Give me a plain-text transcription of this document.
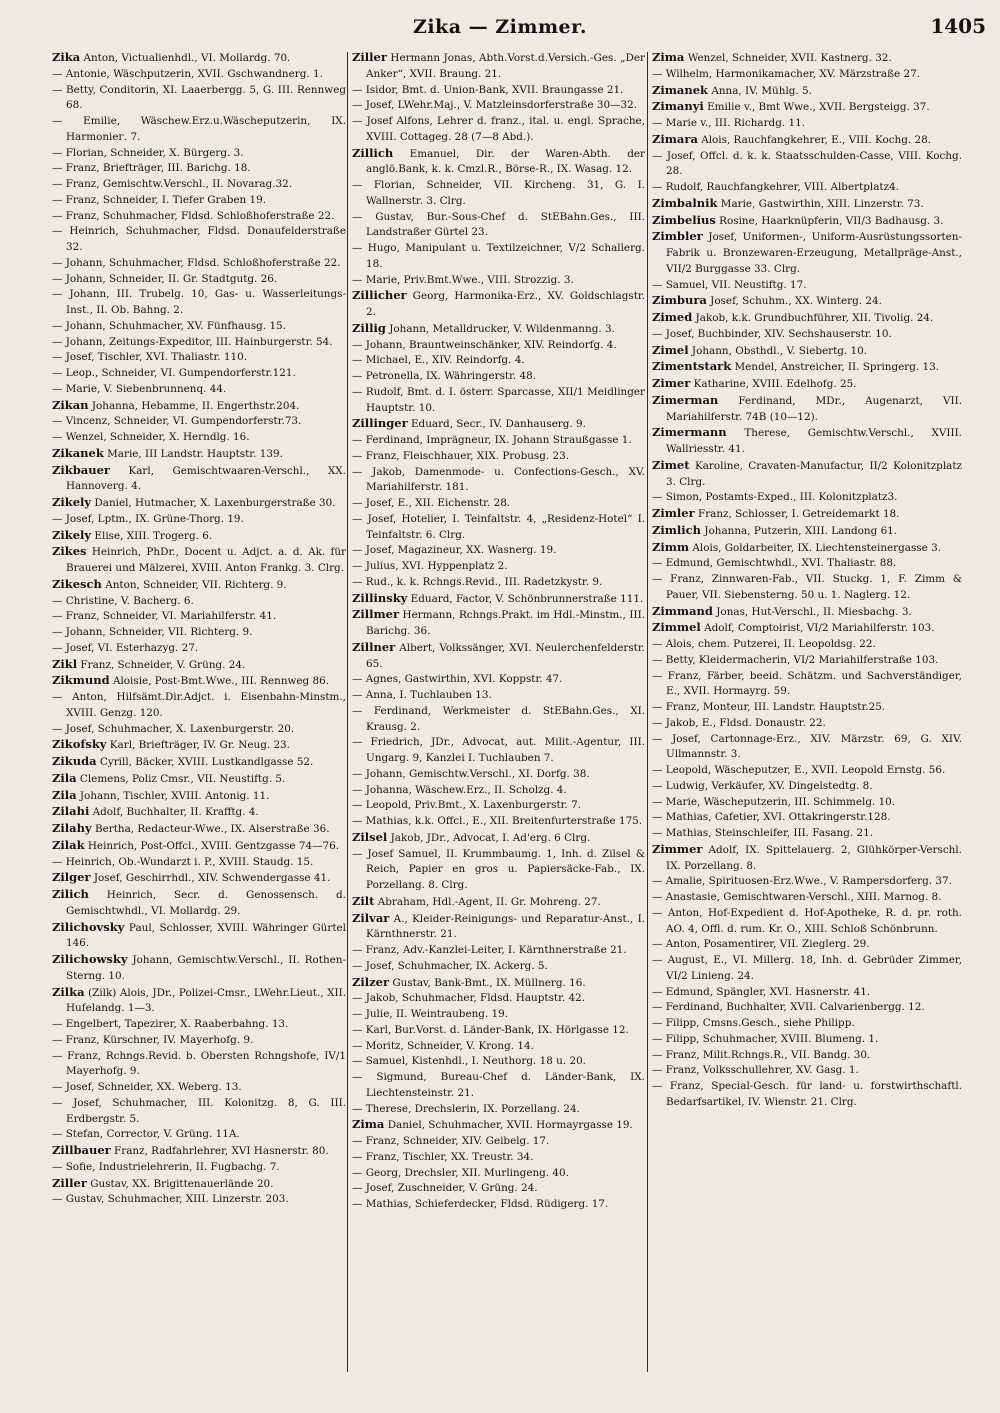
Zika — Zimmer.	1405
Zika Anton, Victualienhdl., VI. Mollardg. 70.
— Antonie, Wäschputzerin, XVII. Gschwandnerg. 1.
— Betty, Conditorin, XI. Laaerbergg. 5, G. III. Rennweg 68.
— Emilie, Wäschew.Erz.u.Wäscheputzerin, IX. Harmoniег. 7.
— Florian, Schneider, X. Bürgerg. 3.
— Franz, Briefträger, III. Barichg. 18.
— Franz, Gemischtw.Verschl., II. Novarag.32.
— Franz, Schneider, I. Tiefer Graben 19.
— Franz, Schuhmacher, Fldsd. Schloßhoferstraße 22.
— Heinrich, Schuhmacher, Fldsd. Donaufelderstraße 32.
— Johann, Schuhmacher, Fldsd. Schloßhoferstraße 22.
— Johann, Schneider, II. Gr. Stadtgutg. 26.
— Johann, III. Trubelg. 10, Gas- u. Wasserleitungs-Inst., II. Ob. Bahng. 2.
— Johann, Schuhmacher, XV. Fünfhausg. 15.
— Johann, Zeitungs-Expeditor, III. Hainburgerstr. 54.
— Josef, Tischler, XVI. Thaliastr. 110.
— Leop., Schneider, VI. Gumpendorferstr.121.
— Marie, V. Siebenbrunnenq. 44.
Zikan Johanna, Hebamme, II. Engerthstr.204.
— Vincenz, Schneider, VI. Gumpendorferstr.73.
— Wenzel, Schneider, X. Herndlg. 16.
Zikanek Marie, III Landstr. Hauptstr. 139.
Zikbauer Karl, Gemischtwaaren-Verschl., XX. Hannoverg. 4.
Zikely Daniel, Hutmacher, X. Laxenburgerstraße 30.
— Josef, Lptm., IX. Grüne-Thorg. 19.
Zikely Elise, XIII. Trogerg. 6.
Zikes Heinrich, PhDr., Docent u. Adjct. a. d. Ak. für Brauerei und Mälzerei, XVIII. Anton Frankg. 3. Clrg.
Zikesch Anton, Schneider, VII. Richterg. 9.
— Christine, V. Bacherg. 6.
— Franz, Schneider, VI. Mariahilferstr. 41.
— Johann, Schneider, VII. Richterg. 9.
— Josef, VI. Esterhazyg. 27.
Zikl Franz, Schneider, V. Grüng. 24.
Zikmund Aloisie, Post-Bmt.Wwe., III. Rennweg 86.
— Anton, Hilfsämt.Dir.Adjct. i. Eisenbahn-Minstm., XVIII. Genzg. 120.
— Josef, Schuhmacher, X. Laxenburgerstr. 20.
Zikofsky Karl, Briefträger, IV. Gr. Neug. 23.
Zikuda Cyrill, Bäcker, XVIII. Lustkandlgasse 52.
Zila Clemens, Poliz Cmsr., VII. Neustiftg. 5.
Zila Johann, Tischler, XVIII. Antonig. 11.
Zilahi Adolf, Buchhalter, II. Krafftg. 4.
Zilahy Bertha, Redacteur-Wwe., IX. Alserstraße 36.
Zilak Heinrich, Post-Offcl., XVIII. Gentzgasse 74—76.
— Heinrich, Ob.-Wundarzt i. P., XVIII. Staudg. 15.
Zilger Josef, Geschirrhdl., XIV. Schwendergasse 41.
Zilich Heinrich, Secr. d. Genossensch. d. Gemischtwhdl., VI. Mollardg. 29.
Zilichovsky Paul, Schlosser, XVIII. Währinger Gürtel 146.
Zilichowsky Johann, Gemischtw.Verschl., II. Rothen-Sterng. 10.
Zilka (Zilk) Alois, JDr., Polizei-Cmsr., LWehr.Lieut., XII. Hufelandg. 1—3.
— Engelbert, Tapezirer, X. Raaberbahng. 13.
— Franz, Kürschner, IV. Mayerhofg. 9.
— Franz, Rchngs.Revid. b. Obersten Rchngshofe, IV/1 Mayerhofg. 9.
— Josef, Schneider, XX. Weberg. 13.
— Josef, Schuhmacher, III. Kolonitzg. 8, G. III. Erdbergstr. 5.
— Stefan, Corrector, V. Grüng. 11A.
Zillbauer Franz, Radfahrlehrer, XVI Hasnerstr. 80.
— Sofie, Industrielehrerin, II. Fugbachg. 7.
Ziller Gustav, XX. Brigittenauerlände 20.
— Gustav, Schuhmacher, XIII. Linzerstr. 203.
Ziller Hermann Jonas, Abth.Vorst.d.Versich.-Ges. „Der Anker“, XVII. Braung. 21.
— Isidor, Bmt. d. Union-Bank, XVII. Braungasse 21.
— Josef, LWehr.Maj., V. Matzleinsdorferstraße 30—32.
— Josef Alfons, Lehrer d. franz., ital. u. engl. Sprache, XVIII. Cottageg. 28 (7—8 Abd.).
Zillich Emanuel, Dir. der Waren-Abth. der anglö.Bank, k. k. Cmzl.R., Börse-R., IX. Wasag. 12.
— Florian, Schneider, VII. Kircheng. 31, G. I. Wallnerstr. 3. Clrg.
— Gustav, Bur.-Sous-Chef d. StEBahn.Ges., III. Landstraßer Gürtel 23.
— Hugo, Manipulant u. Textilzeichner, V/2 Schallerg. 18.
— Marie, Priv.Bmt.Wwe., VIII. Strozzig. 3.
Zillicher Georg, Harmonika-Erz., XV. Goldschlagstr. 2.
Zillig Johann, Metalldrucker, V. Wildenmanng. 3.
— Johann, Brauntweinschänker, XIV. Reindorfg. 4.
— Michael, E., XIV. Reindorfg. 4.
— Petronella, IX. Währingerstr. 48.
— Rudolf, Bmt. d. I. österr. Sparcasse, XII/1 Meidlinger Hauptstr. 10.
Zillinger Eduard, Secr., IV. Danhauserg. 9.
— Ferdinand, Imprägneur, IX. Johann Straußgasse 1.
— Franz, Fleischhauer, XIX. Probusg. 23.
— Jakob, Damenmode- u. Confections-Gesch., XV. Mariahilferstr. 181.
— Josef, E., XII. Eichenstr. 28.
— Josef, Hotelier, I. Teinfaltstr. 4, „Residenz-Hotel“ I. Teinfaltstr. 6. Clrg.
— Josef, Magazineur, XX. Wasnerg. 19.
— Julius, XVI. Hyppenplatz 2.
— Rud., k. k. Rchngs.Revid., III. Radetzkystr. 9.
Zillinsky Eduard, Factor, V. Schönbrunnerstraße 111.
Zillmer Hermann, Rchngs.Prakt. im Hdl.-Minstm., III. Barichg. 36.
Zillner Albert, Volkssänger, XVI. Neulerchenfelderstr. 65.
— Agnes, Gastwirthin, XVI. Koppstr. 47.
— Anna, I. Tuchlauben 13.
— Ferdinand, Werkmeister d. StEBahn.Ges., XI. Krausg. 2.
— Friedrich, JDr., Advocat, aut. Milit.-Agentur, III. Ungarg. 9, Kanzlei I. Tuchlauben 7.
— Johann, Gemischtw.Verschl., XI. Dorfg. 38.
— Johanna, Wäschew.Erz., II. Scholzg. 4.
— Leopold, Priv.Bmt., X. Laxenburgerstr. 7.
— Mathias, k.k. Offcl., E., XII. Breitenfurterstraße 175.
Zilsel Jakob, JDr., Advocat, I. Ad'erg. 6 Clrg.
— Josef Samuel, II. Krummbaumg. 1, Inh. d. Zilsel & Reich, Papier en gros u. Papiersäcke-Fab., IX. Porzellang. 8. Clrg.
Zilt Abraham, Hdl.-Agent, II. Gr. Mohreng. 27.
Zilvar A., Kleider-Reinigungs- und Reparatur-Anst., I. Kärnthnerstr. 21.
— Franz, Adv.-Kanzlei-Leiter, I. Kärnthnerstraße 21.
— Josef, Schuhmacher, IX. Ackerg. 5.
Zilzer Gustav, Bank-Bmt., IX. Müllnerg. 16.
— Jakob, Schuhmacher, Fldsd. Hauptstr. 42.
— Julie, II. Weintraubeng. 19.
— Karl, Bur.Vorst. d. Länder-Bank, IX. Hörlgasse 12.
— Moritz, Schneider, V. Krong. 14.
— Samuel, Kistenhdl., I. Neuthorg. 18 u. 20.
— Sigmund, Bureau-Chef d. Länder-Bank, IX. Liechtensteinstr. 21.
— Therese, Drechslerin, IX. Porzellang. 24.
Zima Daniel, Schuhmacher, XVII. Hormayrgasse 19.
— Franz, Schneider, XIV. Geibelg. 17.
— Franz, Tischler, XX. Treustr. 34.
— Georg, Drechsler, XII. Murlingeng. 40.
— Josef, Zuschneider, V. Grüng. 24.
— Mathias, Schieferdecker, Fldsd. Rüdigerg. 17.
Zima Wenzel, Schneider, XVII. Kastnerg. 32.
— Wilhelm, Harmonikamacher, XV. Märzstraße 27.
Zimanek Anna, IV. Mühlg. 5.
Zimanyi Emilie v., Bmt Wwe., XVII. Bergsteigg. 37.
— Marie v., III. Richardg. 11.
Zimara Alois, Rauchfangkehrer, E., VIII. Kochg. 28.
— Josef, Offcl. d. k. k. Staatsschulden-Casse, VIII. Kochg. 28.
— Rudolf, Rauchfangkehrer, VIII. Albertplatz4.
Zimbalnik Marie, Gastwirthin, XIII. Linzerstr. 73.
Zimbelius Rosine, Haarknüpferin, VII/3 Badhausg. 3.
Zimbler Josef, Uniformen-, Uniform-Ausrüstungssorten-Fabrik u. Bronzewaren-Erzeugung, Metallpräge-Anst., VII/2 Burggasse 33. Clrg.
— Samuel, VII. Neustiftg. 17.
Zimbura Josef, Schuhm., XX. Winterg. 24.
Zimed Jakob, k.k. Grundbuchführer, XII. Tivolig. 24.
— Josef, Buchbinder, XIV. Sechshauserstr. 10.
Zimel Johann, Obsthdl., V. Siebertg. 10.
Zimentstark Mendel, Anstreicher, II. Springerg. 13.
Zimer Katharine, XVIII. Edelhofg. 25.
Zimerman Ferdinand, MDr., Augenarzt, VII. Mariahilferstr. 74B (10—12).
Zimermann Therese, Gemischtw.Verschl., XVIII. Wallriesstr. 41.
Zimet Karoline, Cravaten-Manufactur, II/2 Kolonitzplatz 3. Clrg.
— Simon, Postamts-Exped., III. Kolonitzplatz3.
Zimler Franz, Schlosser, I. Getreidemarkt 18.
Zimlich Johanna, Putzerin, XIII. Landong 61.
Zimm Alois, Goldarbeiter, IX. Liechtensteinergasse 3.
— Edmund, Gemischtwhdl., XVI. Thaliastr. 88.
— Franz, Zinnwaren-Fab., VII. Stuckg. 1, F. Zimm & Pauer, VII. Siebensterng. 50 u. 1. Naglerg. 12.
Zimmand Jonas, Hut-Verschl., II. Miesbachg. 3.
Zimmel Adolf, Comptoirist, VI/2 Mariahilferstr. 103.
— Alois, chem. Putzerei, II. Leopoldsg. 22.
— Betty, Kleidermacherin, VI/2 Mariahilferstraße 103.
— Franz, Färber, beeid. Schätzm. und Sachverständiger, E., XVII. Hormayrg. 59.
— Franz, Monteur, III. Landstr. Hauptstr.25.
— Jakob, E., Fldsd. Donaustr. 22.
— Josef, Cartonnage-Erz., XIV. Märzstr. 69, G. XIV. Ullmannstr. 3.
— Leopold, Wäscheputzer, E., XVII. Leopold Ernstg. 56.
— Ludwig, Verkäufer, XV. Dingelstedtg. 8.
— Marie, Wäscheputzerin, III. Schimmelg. 10.
— Mathias, Cafetier, XVI. Ottakringerstr.128.
— Mathias, Steinschleifer, III. Fasang. 21.
Zimmer Adolf, IX. Spittelauerg. 2, Glühkörper-Verschl. IX. Porzellang. 8.
— Amalie, Spirituosen-Erz.Wwe., V. Rampersdorferg. 37.
— Anastasie, Gemischtwaren-Verschl., XIII. Marnog. 8.
— Anton, Hof-Expedient d. Hof-Apotheke, R. d. pr. roth. AO. 4, Offl. d. rum. Kr. O., XIII. Schloß Schönbrunn.
— Anton, Posamentirer, VII. Zieglerg. 29.
— August, E., VI. Millerg. 18, Inh. d. Gebrüder Zimmer, VI/2 Linieng. 24.
— Edmund, Spängler, XVI. Hasnerstr. 41.
— Ferdinand, Buchhalter, XVII. Calvarienbergg. 12.
— Filipp, Cmsns.Gesch., siehe Philipp.
— Filipp, Schuhmacher, XVIII. Blumeng. 1.
— Franz, Milit.Rchngs.R., VII. Bandg. 30.
— Franz, Volksschullehrer, XV. Gasg. 1.
— Franz, Special-Gesch. für land- u. forstwirthschaftl. Bedarfsartikel, IV. Wienstr. 21. Clrg.
